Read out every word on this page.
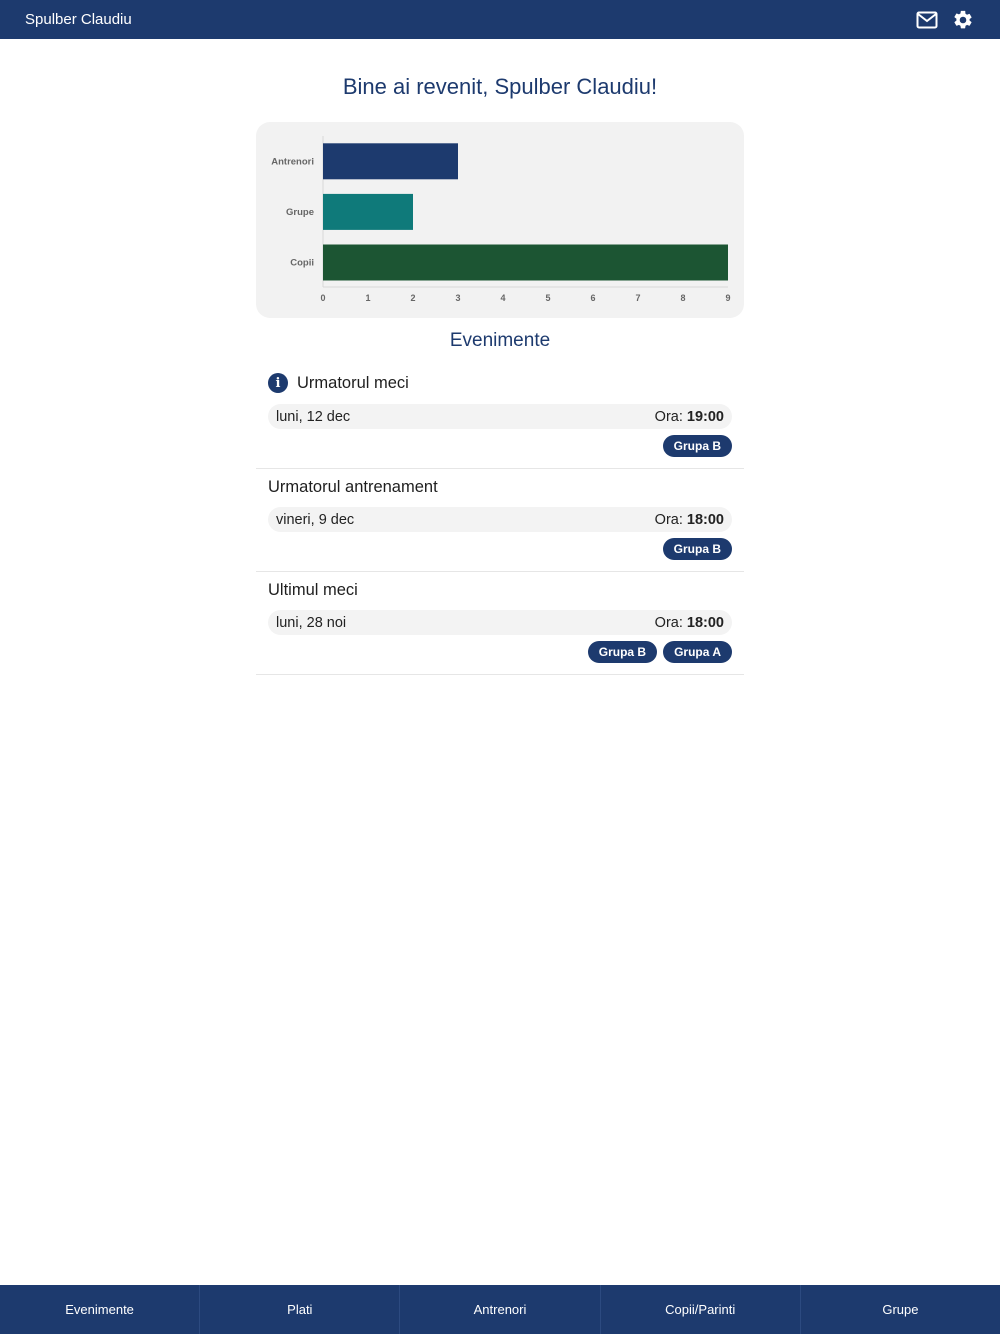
Spulber Claudiu
Bine ai revenit, Spulber Claudiu!
Antrenori
Grupe
Copii
0	1	2	3	4	5	6	7	8	9
Evenimente
i	Urmatorul meci
luni, 12 dec	Ora: 19:00
Grupa B
Urmatorul antrenament
vineri, 9 dec	Ora: 18:00
Grupa B
Ultimul meci
luni, 28 noi	Ora: 18:00
Grupa B	Grupa A
Evenimente	Plati	Antrenori	Copii/Parinti	Grupe
